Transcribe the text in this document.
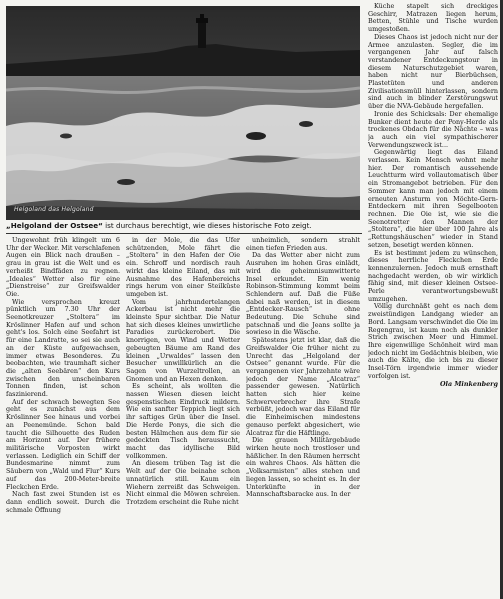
Helgoland das Helgoland
„Helgoland der Ostsee“ ist durchaus berechtigt, wie dieses historische Foto zeigt.

Ungewohnt früh klingelt um 6 Uhr der Wecker. Mit verschlafenen Augen ein Blick nach draußen – grau in grau ist die Welt und es verheißt Bindfäden zu regnen. „Ideales“ Wetter also für eine „Dienstreise“ zur Greifswalder Oie.

Wie versprochen kreuzt pünktlich um 7.30 Uhr der Seenotkreuzer „Stoltera“ im Kröslinner Hafen auf und schon geht's los. Solch eine Seefahrt ist für eine Landratte, so sei sie auch an der Küste aufgewachsen, immer etwas Besonderes. Zu beobachten, wie traumhaft sicher die „alten Seebären“ den Kurs zwischen den unscheinbaren Tonnen finden, ist schon faszinierend.

Auf der schwach bewegten See geht es zunächst aus dem Kröslinner See hinaus und vorbei an Peenemünde. Schon bald taucht die Silhouette des Ruden am Horizont auf. Der frühere militärische Vorposten wirkt verlassen. Lediglich ein Schiff der Bundesmarine nimmt zum Säubern von „Wald und Flur“ Kurs auf das 200-Meter-breite Fleckchen Erde.

Nach fast zwei Stunden ist es dann endlich soweit. Durch die schmale Öffnung

in der Mole, die das Ufer schützenden, Mole fährt die „Stoltera“ in den Hafen der Oie ein. Schroff und nordisch rauh wirkt das kleine Eiland, das mit Ausnahme des Hafenbereichs rings herum von einer Steilküste umgeben ist.

Vom jahrhundertelangen Ackerbau ist nicht mehr die kleinste Spur sichtbar. Die Natur hat sich dieses kleines unwirtliche Paradies zurückerobert. Die knorrigen, von Wind und Wetter gebeugten Bäume am Rand des kleinen „Urwaldes“ lassen den Besucher unwillkürlich an die Sagen von Wurzeltrollen, an Gnomen und an Hexen denken.

Es scheint, als wollten die nassen Wiesen diesen leicht gespenstischen Eindruck mildern. Wie ein sanfter Teppich liegt sich ihr saftiges Grün über die Insel. Die Herde Ponys, die sich die besten Hälmchen aus dem für sie gedeckten Tisch heraussucht, macht das idyllische Bild vollkommen.

An diesem trüben Tag ist die Welt auf der Oie beinahe schon unnatürlich still. Kaum ein Wiehern zerreißt das Schweigen. Nicht einmal die Möwen schreien. Trotzdem erscheint die Ruhe nicht

unheimlich, sondern strahlt einen tiefen Frieden aus.

Da das Wetter aber nicht zum Ausruhen im hohen Gras einlädt, wird die geheimnisumwitterte Insel erkundet. Ein wenig Robinson-Stimmung kommt beim Schlendern auf. Daß die Füße dabei naß werden, ist in diesem „Entdecker-Rausch“ ohne Bedeutung. Die Schuhe sind patschnaß und die Jeans sollte ja sowieso in die Wäsche.

Spätestens jetzt ist klar, daß die Greifswalder Oie früher nicht zu Unrecht das „Helgoland der Ostsee“ genannt wurde. Für die vergangenen vier Jahrzehnte wäre jedoch der Name „Alcatraz“ passender gewesen. Natürlich hatten sich hier keine Schwerverbrecher ihre Strafe verbüßt, jedoch war das Eiland für die Einheimischen mindestens genauso perfekt abgesichert, wie Alcatraz für die Häftlinge.

Die grauen Militärgebäude wirken heute noch trostloser und häßlicher. In den Räumen herrscht ein wahres Chaos. Als hätten die „Volksarmisten“ alles stehen und liegen lassen, so scheint es. In der Unterkünfte in der Mannschaftsbaracke aus. In der

Küche stapelt sich dreckiges Geschirr, Matrazen liegen herum, Betten, Stühle und Tische wurden umgestoßen.

Dieses Chaos ist jedoch nicht nur der Armee anzulasten. Segler, die im vergangenen Jahr auf falsch verstandener Entdeckungstour in diesem Naturschutzgebiet waren, haben nicht nur Bierbüchsen, Plastetüten und anderen Zivilisationsmüll hinterlassen, sondern sind auch in blinder Zerstörungswut über die NVA-Gebäude hergefallen.

Ironie des Schicksals: Der ehemalige Bunker dient heute der Pony-Herde als trockenes Obdach für die Nächte – was ja auch ein viel sympathischerer Verwendungszweck ist...

Gegenwärtig liegt das Eiland verlassen. Kein Mensch wohnt mehr hier. Der romantisch aussehende Leuchtturm wird vollautomatisch über ein Stromangebot betrieben. Für den Sommer kann man jedoch mit einem erneuten Ansturm von Möchte-Gern-Entdeckern mit ihren Segelbooten rechnen. Die Oie ist, wie sie die Seenotretter den Mannen der „Stoltera“, die hier über 100 Jahre als „Rettungshäuschen“ wieder in Stand setzen, besetigt werden können.

Es ist bestimmt jedem zu wünschen, dieses herrliche Fleckchen Erde kennenzulernen. Jedoch muß ernsthaft nachgedacht werden, ob wir wirklich fähig sind, mit dieser kleinen Ostsee-Perle verantwortungsbewußt umzugehen.

Völlig durchnäßt geht es nach dem zweistündigen Landgang wieder an Bord. Langsam verschwindet die Oie im Regengrau, ist kaum noch als dunkler Strich zwischen Meer und Himmel. Ihre eigenwillige Schönheit wird man jedoch nicht im Gedächtnis bleiben, wie auch die Kälte, die ich bis zu dieser Insel-Törn irgendwie immer wieder vorfolgen ist.

Ola Minkenberg
